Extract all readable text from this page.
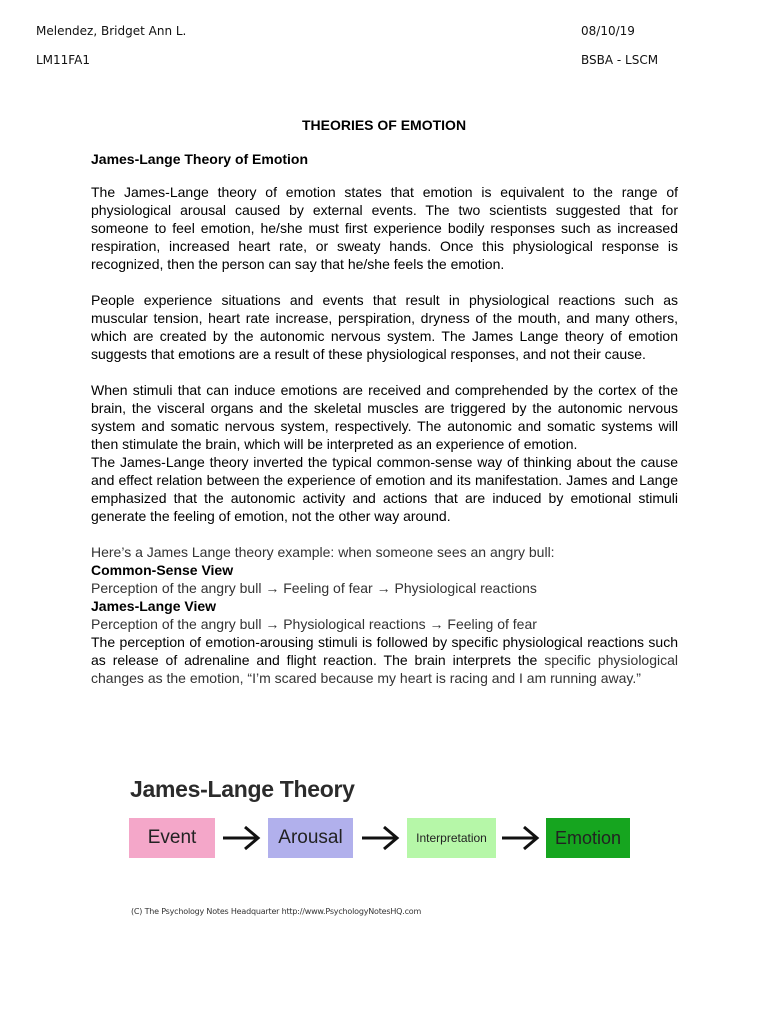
Melendez, Bridget Ann L.	08/10/19
LM11FA1	BSBA - LSCM
THEORIES OF EMOTION

James-Lange Theory of Emotion

The James-Lange theory of emotion states that emotion is equivalent to the range of physiological arousal caused by external events. The two scientists suggested that for someone to feel emotion, he/she must first experience bodily responses such as increased respiration, increased heart rate, or sweaty hands. Once this physiological response is recognized, then the person can say that he/she feels the emotion.

People experience situations and events that result in physiological reactions such as muscular tension, heart rate increase, perspiration, dryness of the mouth, and many others, which are created by the autonomic nervous system. The James Lange theory of emotion suggests that emotions are a result of these physiological responses, and not their cause.

When stimuli that can induce emotions are received and comprehended by the cortex of the brain, the visceral organs and the skeletal muscles are triggered by the autonomic nervous system and somatic nervous system, respectively. The autonomic and somatic systems will then stimulate the brain, which will be interpreted as an experience of emotion.

The James-Lange theory inverted the typical common-sense way of thinking about the cause and effect relation between the experience of emotion and its manifestation. James and Lange emphasized that the autonomic activity and actions that are induced by emotional stimuli generate the feeling of emotion, not the other way around.

Here’s a James Lange theory example: when someone sees an angry bull:

Common-Sense View

Perception of the angry bull → Feeling of fear → Physiological reactions

James-Lange View

Perception of the angry bull → Physiological reactions → Feeling of fear

The perception of emotion-arousing stimuli is followed by specific physiological reactions such as release of adrenaline and flight reaction. The brain interprets the specific physiological changes as the emotion, “I’m scared because my heart is racing and I am running away.”

James-Lange Theory
Event	Arousal	Interpretation	Emotion
(C) The Psychology Notes Headquarter http://www.PsychologyNotesHQ.com
